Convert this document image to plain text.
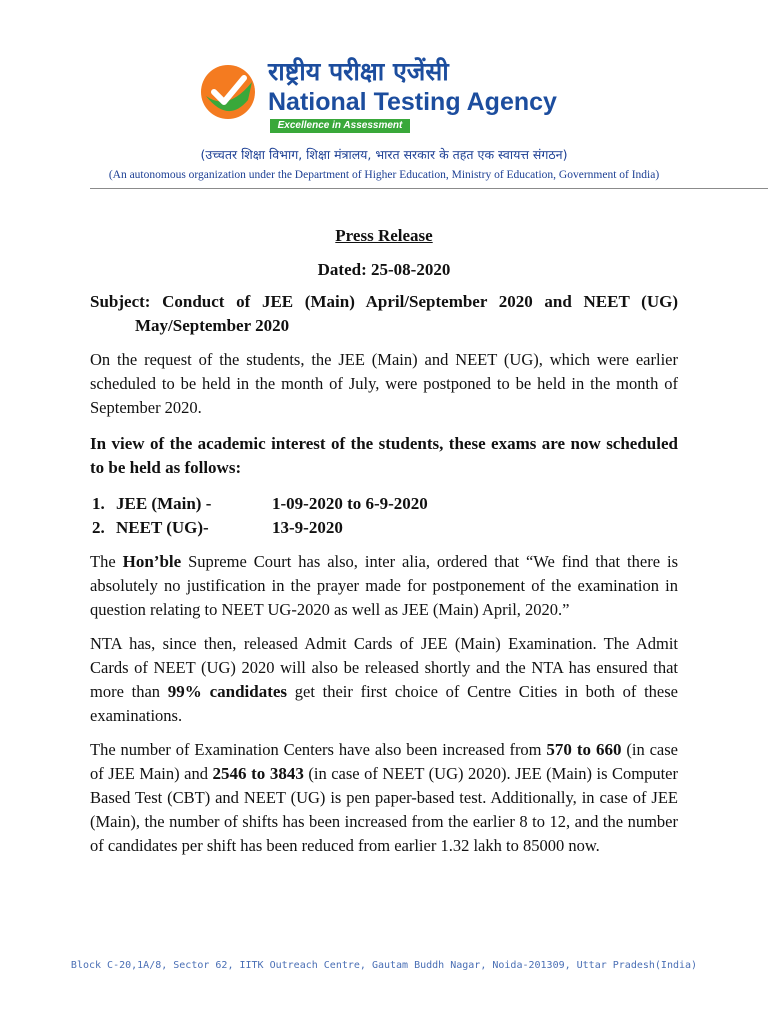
राष्ट्रीय परीक्षा एजेंसी
National Testing Agency
Excellence in Assessment
(उच्चतर शिक्षा विभाग, शिक्षा मंत्रालय, भारत सरकार के तहत एक स्वायत्त संगठन)
(An autonomous organization under the Department of Higher Education, Ministry of Education, Government of India)

Press Release

Dated: 25-08-2020

Subject: Conduct of JEE (Main) April/September 2020 and NEET (UG) May/September 2020

On the request of the students, the JEE (Main) and NEET (UG), which were earlier scheduled to be held in the month of July, were postponed to be held in the month of September 2020.

In view of the academic interest of the students, these exams are now scheduled to be held as follows:

1. JEE (Main) -	1-09-2020 to 6-9-2020
2. NEET (UG)-	13-9-2020

The Hon’ble Supreme Court has also, inter alia, ordered that “We find that there is absolutely no justification in the prayer made for postponement of the examination in question relating to NEET UG-2020 as well as JEE (Main) April, 2020.”

NTA has, since then, released Admit Cards of JEE (Main) Examination. The Admit Cards of NEET (UG) 2020 will also be released shortly and the NTA has ensured that more than 99% candidates get their first choice of Centre Cities in both of these examinations.

The number of Examination Centers have also been increased from 570 to 660 (in case of JEE Main) and 2546 to 3843 (in case of NEET (UG) 2020). JEE (Main) is Computer Based Test (CBT) and NEET (UG) is pen paper-based test. Additionally, in case of JEE (Main), the number of shifts has been increased from the earlier 8 to 12, and the number of candidates per shift has been reduced from earlier 1.32 lakh to 85000 now.

Block C-20,1A/8, Sector 62, IITK Outreach Centre, Gautam Buddh Nagar, Noida-201309, Uttar Pradesh(India)
